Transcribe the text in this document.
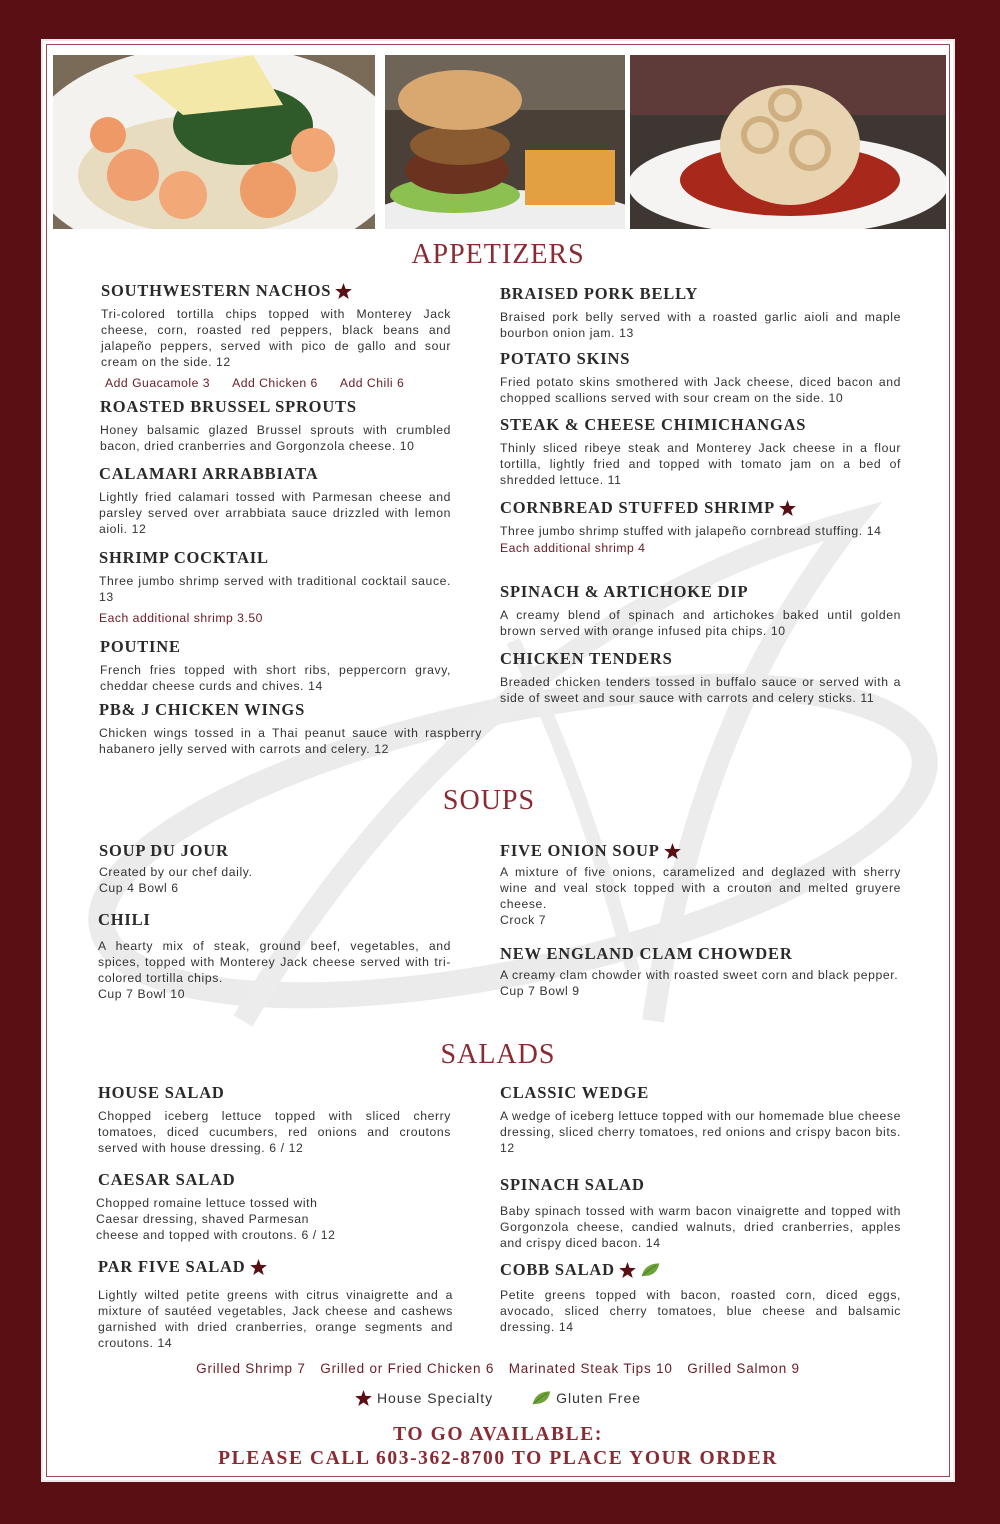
APPETIZERS
SOUTHWESTERN NACHOS
Tri-colored tortilla chips topped with Monterey Jack cheese, corn, roasted red peppers, black beans and jalapeño peppers, served with pico de gallo and sour cream on the side. 12
Add Guacamole 3 Add Chicken 6 Add Chili 6
ROASTED BRUSSEL SPROUTS
Honey balsamic glazed Brussel sprouts with crumbled bacon, dried cranberries and Gorgonzola cheese. 10
CALAMARI ARRABBIATA
Lightly fried calamari tossed with Parmesan cheese and parsley served over arrabbiata sauce drizzled with lemon aioli. 12
SHRIMP COCKTAIL
Three jumbo shrimp served with traditional cocktail sauce. 13
Each additional shrimp 3.50
POUTINE
French fries topped with short ribs, peppercorn gravy, cheddar cheese curds and chives. 14
PB& J CHICKEN WINGS
Chicken wings tossed in a Thai peanut sauce with raspberry habanero jelly served with carrots and celery. 12
BRAISED PORK BELLY
Braised pork belly served with a roasted garlic aioli and maple bourbon onion jam. 13
POTATO SKINS
Fried potato skins smothered with Jack cheese, diced bacon and chopped scallions served with sour cream on the side. 10
STEAK & CHEESE CHIMICHANGAS
Thinly sliced ribeye steak and Monterey Jack cheese in a flour tortilla, lightly fried and topped with tomato jam on a bed of shredded lettuce. 11
CORNBREAD STUFFED SHRIMP
Three jumbo shrimp stuffed with jalapeño cornbread stuffing. 14
Each additional shrimp 4
SPINACH & ARTICHOKE DIP
A creamy blend of spinach and artichokes baked until golden brown served with orange infused pita chips. 10
CHICKEN TENDERS
Breaded chicken tenders tossed in buffalo sauce or served with a side of sweet and sour sauce with carrots and celery sticks. 11
SOUPS
SOUP DU JOUR
Created by our chef daily.
Cup 4 Bowl 6
CHILI
A hearty mix of steak, ground beef, vegetables, and spices, topped with Monterey Jack cheese served with tri-colored tortilla chips.
Cup 7 Bowl 10
FIVE ONION SOUP
A mixture of five onions, caramelized and deglazed with sherry wine and veal stock topped with a crouton and melted gruyere cheese.
Crock 7
NEW ENGLAND CLAM CHOWDER
A creamy clam chowder with roasted sweet corn and black pepper.
Cup 7 Bowl 9
SALADS
HOUSE SALAD
Chopped iceberg lettuce topped with sliced cherry tomatoes, diced cucumbers, red onions and croutons served with house dressing. 6 / 12
CAESAR SALAD
Chopped romaine lettuce tossed with Caesar dressing, shaved Parmesan cheese and topped with croutons. 6 / 12
PAR FIVE SALAD
Lightly wilted petite greens with citrus vinaigrette and a mixture of sautéed vegetables, Jack cheese and cashews garnished with dried cranberries, orange segments and croutons. 14
CLASSIC WEDGE
A wedge of iceberg lettuce topped with our homemade blue cheese dressing, sliced cherry tomatoes, red onions and crispy bacon bits. 12
SPINACH SALAD
Baby spinach tossed with warm bacon vinaigrette and topped with Gorgonzola cheese, candied walnuts, dried cranberries, apples and crispy diced bacon. 14
COBB SALAD
Petite greens topped with bacon, roasted corn, diced eggs, avocado, sliced cherry tomatoes, blue cheese and balsamic dressing. 14
Grilled Shrimp 7 Grilled or Fried Chicken 6 Marinated Steak Tips 10 Grilled Salmon 9
House Specialty	Gluten Free
TO GO AVAILABLE:
PLEASE CALL 603-362-8700 TO PLACE YOUR ORDER
